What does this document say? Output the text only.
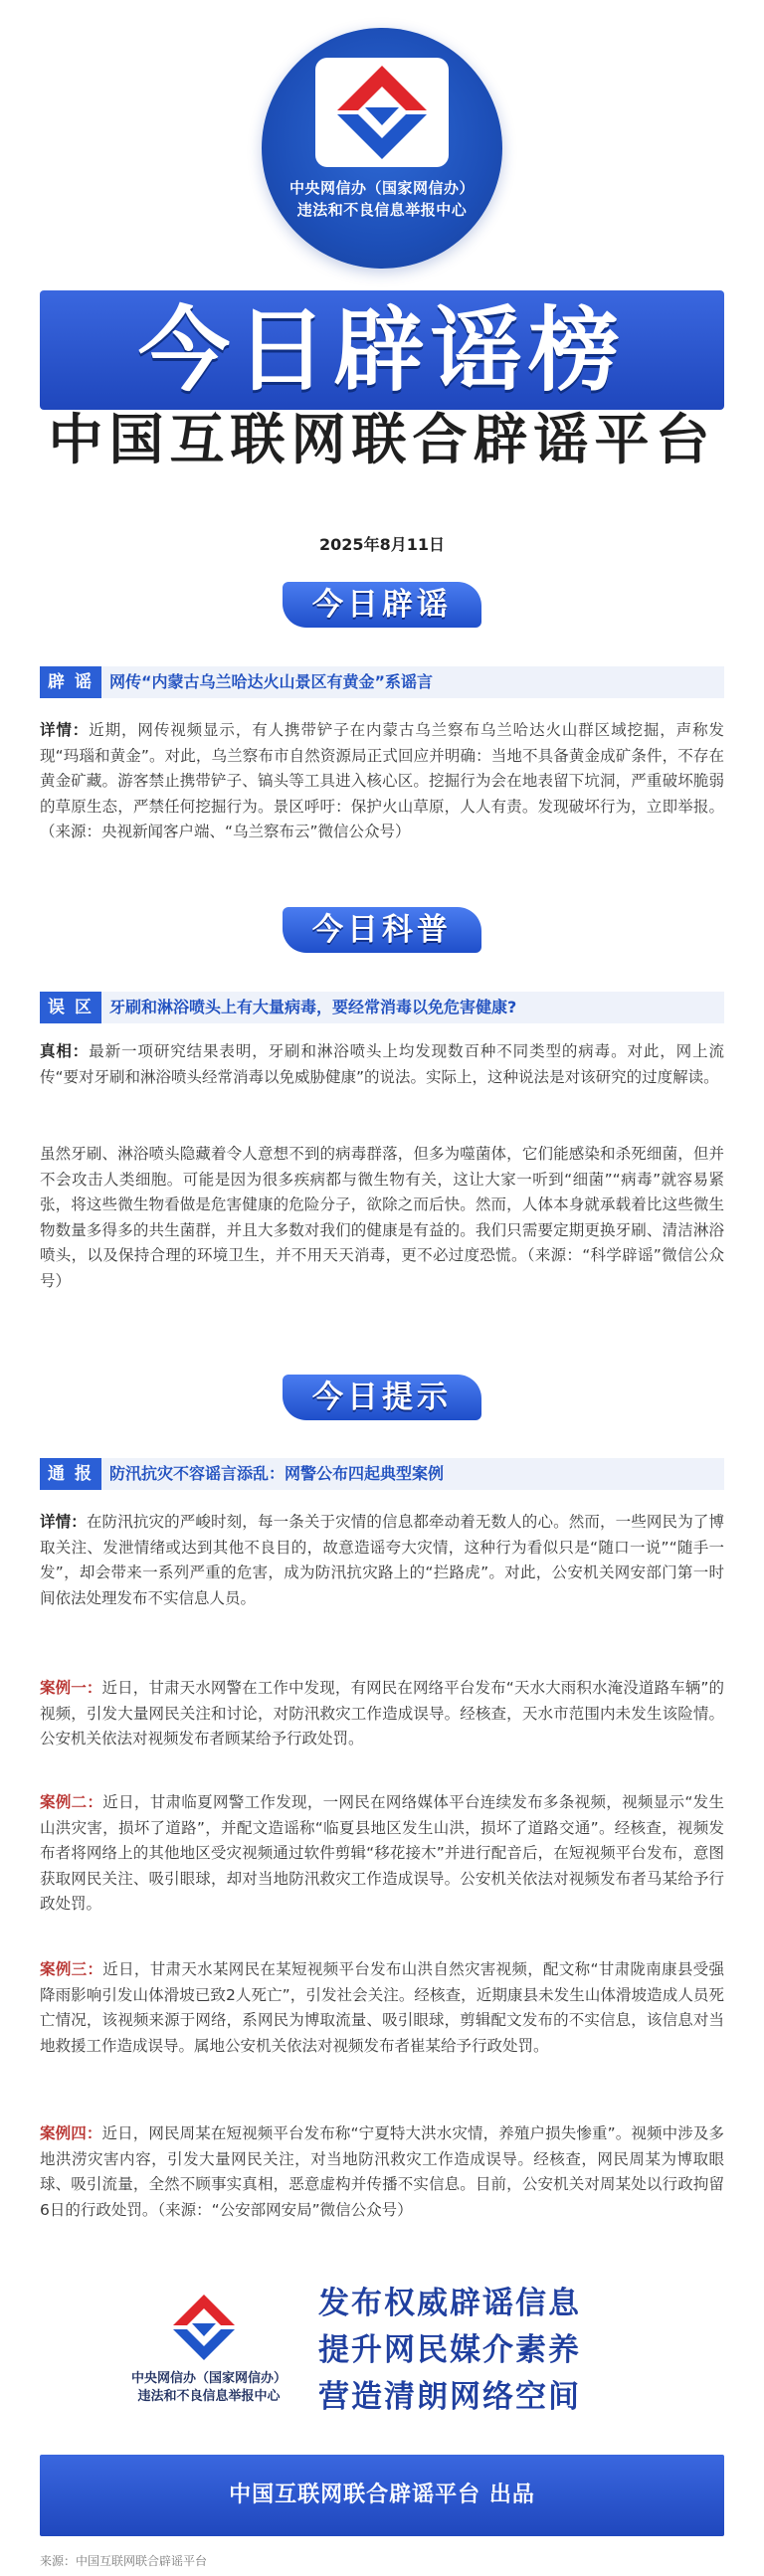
中央网信办（国家网信办）
违法和不良信息举报中心
今日辟谣榜
中国互联网联合辟谣平台
2025年8月11日
今日辟谣
辟 谣	网传“内蒙古乌兰哈达火山景区有黄金”系谣言
详情：近期，网传视频显示，有人携带铲子在内蒙古乌兰察布乌兰哈达火山群区域挖掘，声称发现“玛瑙和黄金”。对此，乌兰察布市自然资源局正式回应并明确：当地不具备黄金成矿条件，不存在黄金矿藏。游客禁止携带铲子、镐头等工具进入核心区。挖掘行为会在地表留下坑洞，严重破坏脆弱的草原生态，严禁任何挖掘行为。景区呼吁：保护火山草原，人人有责。发现破坏行为，立即举报。（来源：央视新闻客户端、“乌兰察布云”微信公众号）
今日科普
误 区	牙刷和淋浴喷头上有大量病毒，要经常消毒以免危害健康?
真相：最新一项研究结果表明，牙刷和淋浴喷头上均发现数百种不同类型的病毒。对此，网上流传“要对牙刷和淋浴喷头经常消毒以免威胁健康”的说法。实际上，这种说法是对该研究的过度解读。
虽然牙刷、淋浴喷头隐藏着令人意想不到的病毒群落，但多为噬菌体，它们能感染和杀死细菌，但并不会攻击人类细胞。可能是因为很多疾病都与微生物有关，这让大家一听到“细菌”“病毒”就容易紧张，将这些微生物看做是危害健康的危险分子，欲除之而后快。然而，人体本身就承载着比这些微生物数量多得多的共生菌群，并且大多数对我们的健康是有益的。我们只需要定期更换牙刷、清洁淋浴喷头，以及保持合理的环境卫生，并不用天天消毒，更不必过度恐慌。（来源：“科学辟谣”微信公众号）
今日提示
通 报	防汛抗灾不容谣言添乱：网警公布四起典型案例
详情：在防汛抗灾的严峻时刻，每一条关于灾情的信息都牵动着无数人的心。然而，一些网民为了博取关注、发泄情绪或达到其他不良目的，故意造谣夸大灾情，这种行为看似只是“随口一说”“随手一发”，却会带来一系列严重的危害，成为防汛抗灾路上的“拦路虎”。对此，公安机关网安部门第一时间依法处理发布不实信息人员。
案例一：近日，甘肃天水网警在工作中发现，有网民在网络平台发布“天水大雨积水淹没道路车辆”的视频，引发大量网民关注和讨论，对防汛救灾工作造成误导。经核查，天水市范围内未发生该险情。公安机关依法对视频发布者顾某给予行政处罚。
案例二：近日，甘肃临夏网警工作发现，一网民在网络媒体平台连续发布多条视频，视频显示“发生山洪灾害，损坏了道路”，并配文造谣称“临夏县地区发生山洪，损坏了道路交通”。经核查，视频发布者将网络上的其他地区受灾视频通过软件剪辑“移花接木”并进行配音后，在短视频平台发布，意图获取网民关注、吸引眼球，却对当地防汛救灾工作造成误导。公安机关依法对视频发布者马某给予行政处罚。
案例三：近日，甘肃天水某网民在某短视频平台发布山洪自然灾害视频，配文称“甘肃陇南康县受强降雨影响引发山体滑坡已致2人死亡”，引发社会关注。经核查，近期康县未发生山体滑坡造成人员死亡情况，该视频来源于网络，系网民为博取流量、吸引眼球，剪辑配文发布的不实信息，该信息对当地救援工作造成误导。属地公安机关依法对视频发布者崔某给予行政处罚。
案例四：近日，网民周某在短视频平台发布称“宁夏特大洪水灾情，养殖户损失惨重”。视频中涉及多地洪涝灾害内容，引发大量网民关注，对当地防汛救灾工作造成误导。经核查，网民周某为博取眼球、吸引流量，全然不顾事实真相，恶意虚构并传播不实信息。目前，公安机关对周某处以行政拘留6日的行政处罚。（来源：“公安部网安局”微信公众号）
中央网信办（国家网信办）
违法和不良信息举报中心
发布权威辟谣信息
提升网民媒介素养
营造清朗网络空间
中国互联网联合辟谣平台 出品
来源：中国互联网联合辟谣平台
